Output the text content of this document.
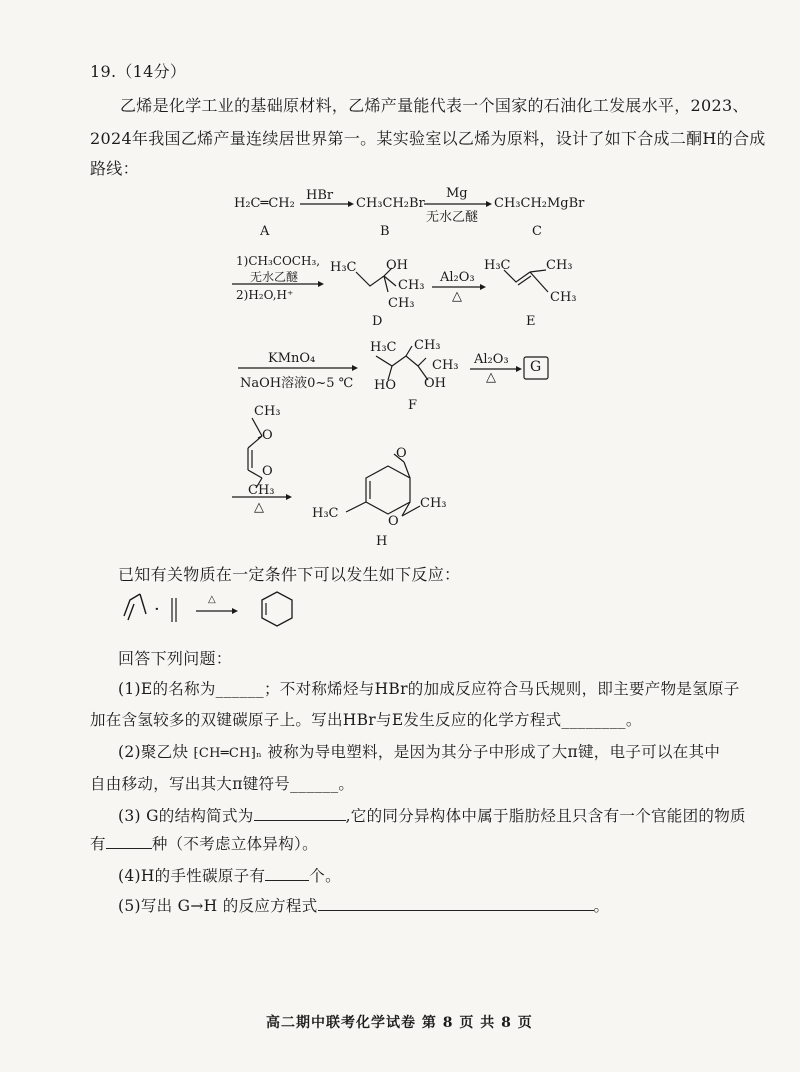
19.（14分）
乙烯是化学工业的基础原材料，乙烯产量能代表一个国家的石油化工发展水平，2023、
2024年我国乙烯产量连续居世界第一。某实验室以乙烯为原料，设计了如下合成二酮H的合成
路线：
H₂C═CH₂
HBr
CH₃CH₂Br
Mg
无水乙醚
CH₃CH₂MgBr
A	B	C
1)CH₃COCH₃,
无水乙醚
2)H₂O,H⁺
H₃C OH
CH₃
CH₃
D
Al₂O₃
△
H₃C	CH₃
CH₃
E
KMnO₄
NaOH溶液0~5 ℃
H₃C CH₃
CH₃
HO OH
F
Al₂O₃
△
G
CH₃
O
O
CH₃
△
O
O
CH₃
H₃C
H
已知有关物质在一定条件下可以发生如下反应：
·	△
回答下列问题：
(1)E的名称为______；不对称烯烃与HBr的加成反应符合马氏规则，即主要产物是氢原子
加在含氢较多的双键碳原子上。写出HBr与E发生反应的化学方程式________。
(2)聚乙炔 ⁅CH═CH⁆ₙ 被称为导电塑料，是因为其分子中形成了大π键，电子可以在其中
自由移动，写出其大π键符号______。
(3) G的结构简式为	,它的同分异构体中属于脂肪烃且只含有一个官能团的物质
有	种（不考虑立体异构）。
(4)H的手性碳原子有	个。
(5)写出 G→H 的反应方程式	。
高二期中联考化学试卷 第 8 页 共 8 页
